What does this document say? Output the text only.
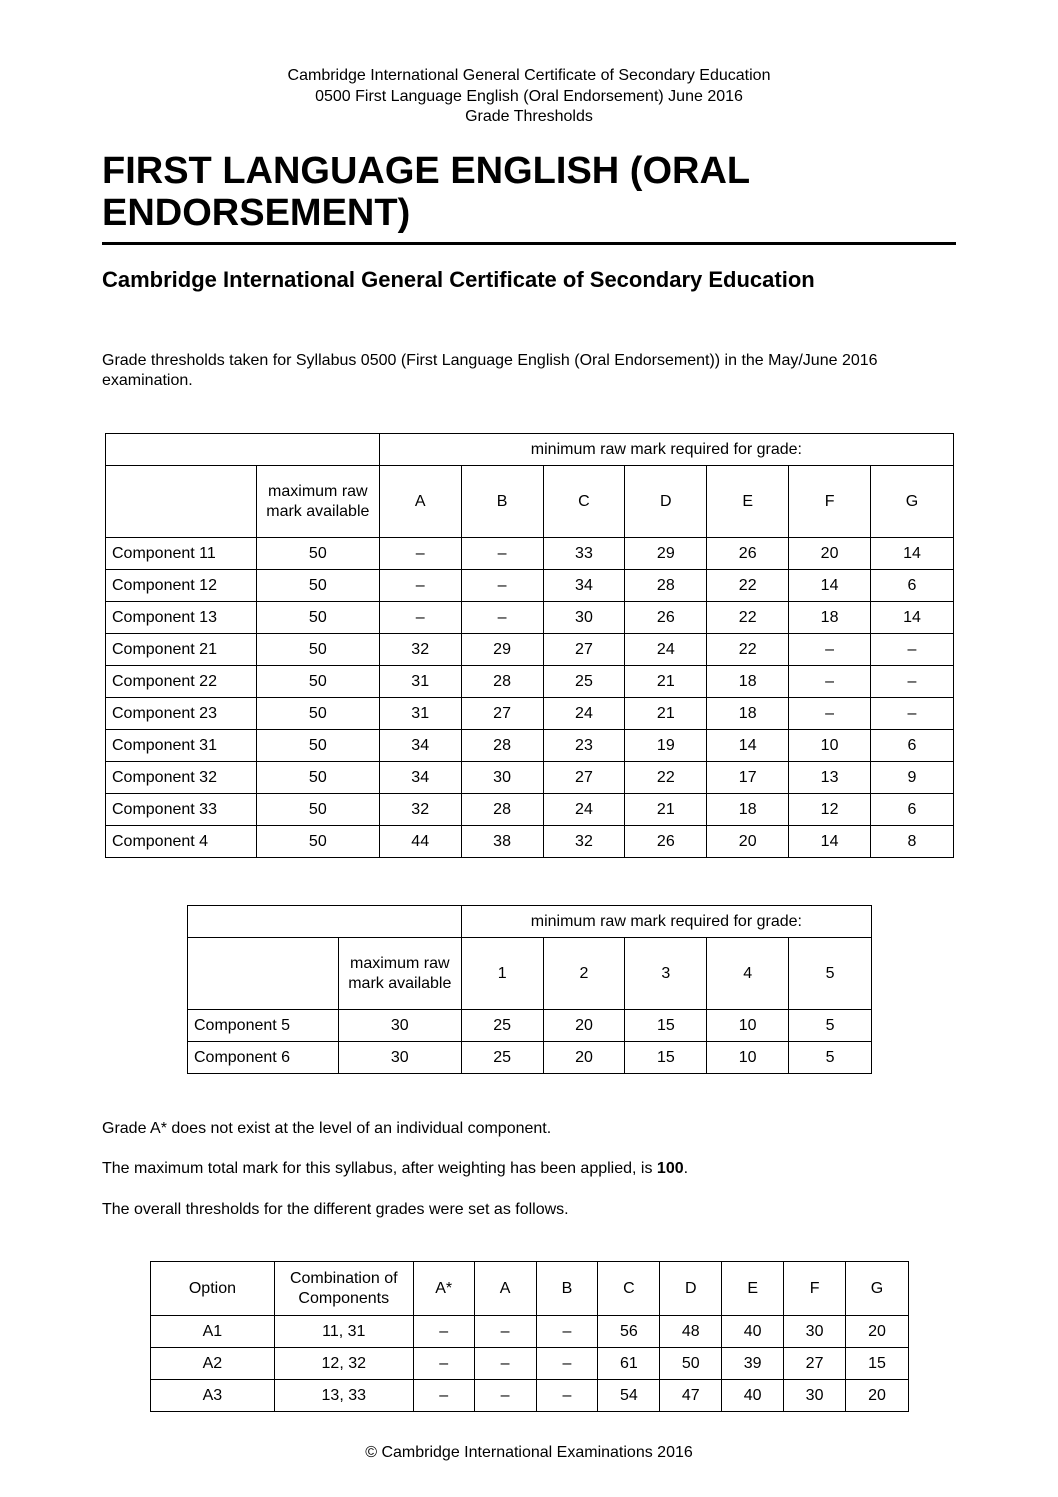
Cambridge International General Certificate of Secondary Education
0500 First Language English (Oral Endorsement) June 2016
Grade Thresholds
FIRST LANGUAGE ENGLISH (ORAL ENDORSEMENT)
Cambridge International General Certificate of Secondary Education

Grade thresholds taken for Syllabus 0500 (First Language English (Oral Endorsement)) in the May/June 2016 examination.

		minimum raw mark required for grade:						
	maximum raw mark available	A	B	C	D	E	F	G
Component 11	50	–	–	33	29	26	20	14
Component 12	50	–	–	34	28	22	14	6
Component 13	50	–	–	30	26	22	18	14
Component 21	50	32	29	27	24	22	–	–
Component 22	50	31	28	25	21	18	–	–
Component 23	50	31	27	24	21	18	–	–
Component 31	50	34	28	23	19	14	10	6
Component 32	50	34	30	27	22	17	13	9
Component 33	50	32	28	24	21	18	12	6
Component 4	50	44	38	32	26	20	14	8
		minimum raw mark required for grade:				
	maximum raw mark available	1	2	3	4	5
Component 5	30	25	20	15	10	5
Component 6	30	25	20	15	10	5

Grade A* does not exist at the level of an individual component.

The maximum total mark for this syllabus, after weighting has been applied, is 100.

The overall thresholds for the different grades were set as follows.

Option	Combination of Components	A*	A	B	C	D	E	F	G
A1	11, 31	–	–	–	56	48	40	30	20
A2	12, 32	–	–	–	61	50	39	27	15
A3	13, 33	–	–	–	54	47	40	30	20
© Cambridge International Examinations 2016
